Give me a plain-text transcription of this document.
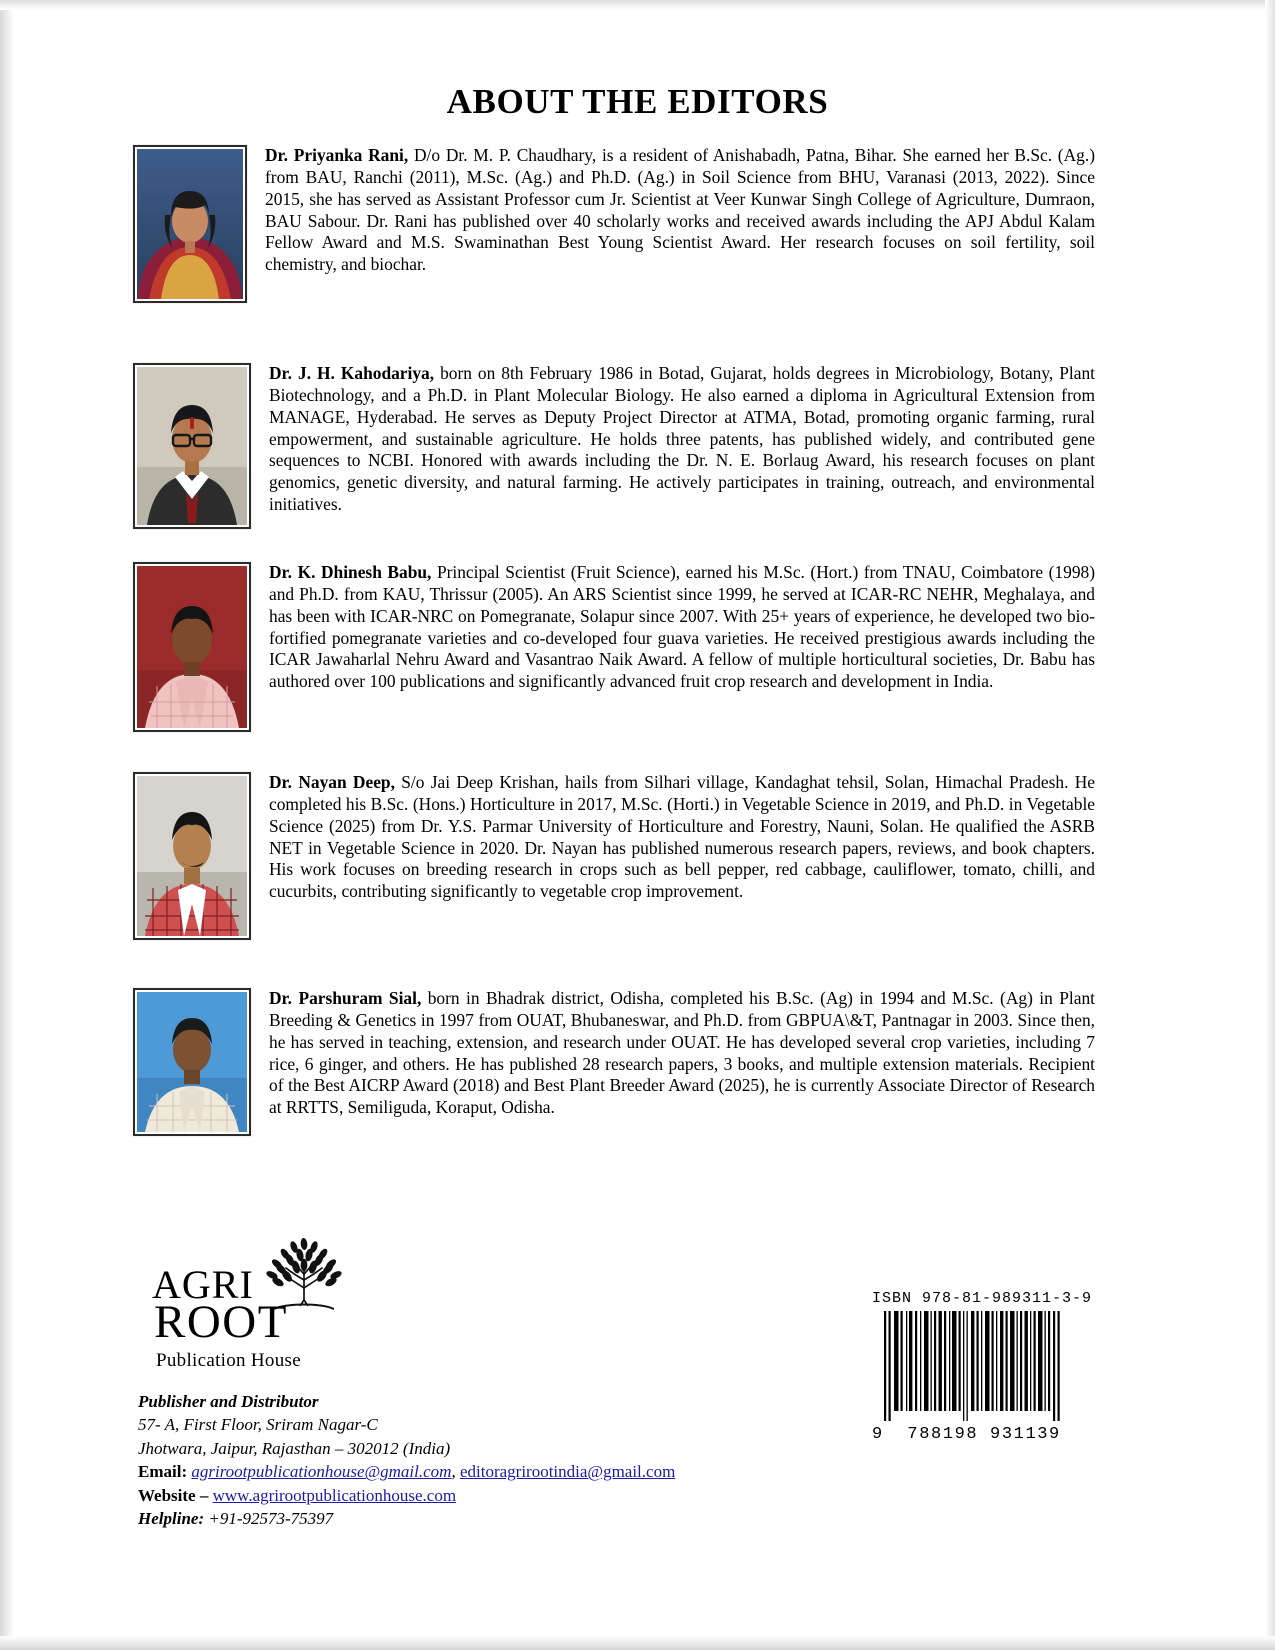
ABOUT THE EDITORS
Dr. Priyanka Rani, D/o Dr. M. P. Chaudhary, is a resident of Anishabadh, Patna, Bihar. She earned her B.Sc. (Ag.) from BAU, Ranchi (2011), M.Sc. (Ag.) and Ph.D. (Ag.) in Soil Science from BHU, Varanasi (2013, 2022). Since 2015, she has served as Assistant Professor cum Jr. Scientist at Veer Kunwar Singh College of Agriculture, Dumraon, BAU Sabour. Dr. Rani has published over 40 scholarly works and received awards including the APJ Abdul Kalam Fellow Award and M.S. Swaminathan Best Young Scientist Award. Her research focuses on soil fertility, soil chemistry, and biochar.
Dr. J. H. Kahodariya, born on 8th February 1986 in Botad, Gujarat, holds degrees in Microbiology, Botany, Plant Biotechnology, and a Ph.D. in Plant Molecular Biology. He also earned a diploma in Agricultural Extension from MANAGE, Hyderabad. He serves as Deputy Project Director at ATMA, Botad, promoting organic farming, rural empowerment, and sustainable agriculture. He holds three patents, has published widely, and contributed gene sequences to NCBI. Honored with awards including the Dr. N. E. Borlaug Award, his research focuses on plant genomics, genetic diversity, and natural farming. He actively participates in training, outreach, and environmental initiatives.
Dr. K. Dhinesh Babu, Principal Scientist (Fruit Science), earned his M.Sc. (Hort.) from TNAU, Coimbatore (1998) and Ph.D. from KAU, Thrissur (2005). An ARS Scientist since 1999, he served at ICAR-RC NEHR, Meghalaya, and has been with ICAR-NRC on Pomegranate, Solapur since 2007. With 25+ years of experience, he developed two bio-fortified pomegranate varieties and co-developed four guava varieties. He received prestigious awards including the ICAR Jawaharlal Nehru Award and Vasantrao Naik Award. A fellow of multiple horticultural societies, Dr. Babu has authored over 100 publications and significantly advanced fruit crop research and development in India.
Dr. Nayan Deep, S/o Jai Deep Krishan, hails from Silhari village, Kandaghat tehsil, Solan, Himachal Pradesh. He completed his B.Sc. (Hons.) Horticulture in 2017, M.Sc. (Horti.) in Vegetable Science in 2019, and Ph.D. in Vegetable Science (2025) from Dr. Y.S. Parmar University of Horticulture and Forestry, Nauni, Solan. He qualified the ASRB NET in Vegetable Science in 2020. Dr. Nayan has published numerous research papers, reviews, and book chapters. His work focuses on breeding research in crops such as bell pepper, red cabbage, cauliflower, tomato, chilli, and cucurbits, contributing significantly to vegetable crop improvement.
Dr. Parshuram Sial, born in Bhadrak district, Odisha, completed his B.Sc. (Ag) in 1994 and M.Sc. (Ag) in Plant Breeding & Genetics in 1997 from OUAT, Bhubaneswar, and Ph.D. from GBPUA\&T, Pantnagar in 2003. Since then, he has served in teaching, extension, and research under OUAT. He has developed several crop varieties, including 7 rice, 6 ginger, and others. He has published 28 research papers, 3 books, and multiple extension materials. Recipient of the Best AICRP Award (2018) and Best Plant Breeder Award (2025), he is currently Associate Director of Research at RRTTS, Semiliguda, Koraput, Odisha.
AGRI
ROOT
Publication House
Publisher and Distributor
57- A, First Floor, Sriram Nagar-C
Jhotwara, Jaipur, Rajasthan – 302012 (India)
Email: agrirootpublicationhouse@gmail.com, editoragrirootindia@gmail.com
Website – www.agrirootpublicationhouse.com
Helpline: +91-92573-75397
ISBN 978-81-989311-3-9
9 788198 931139
